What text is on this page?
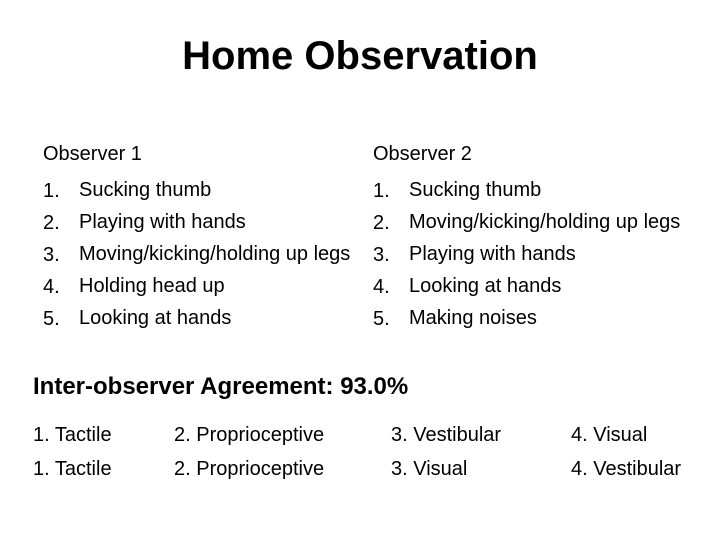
Home Observation
Observer 1
1. Sucking thumb
2. Playing with hands
3. Moving/kicking/holding up legs
4. Holding head up
5. Looking at hands
Observer 2
1. Sucking thumb
2. Moving/kicking/holding up legs
3. Playing with hands
4. Looking at hands
5. Making noises
Inter-observer Agreement: 93.0%
1. Tactile
1. Tactile
2. Proprioceptive
2. Proprioceptive
3. Vestibular
3. Visual
4. Visual
4. Vestibular
